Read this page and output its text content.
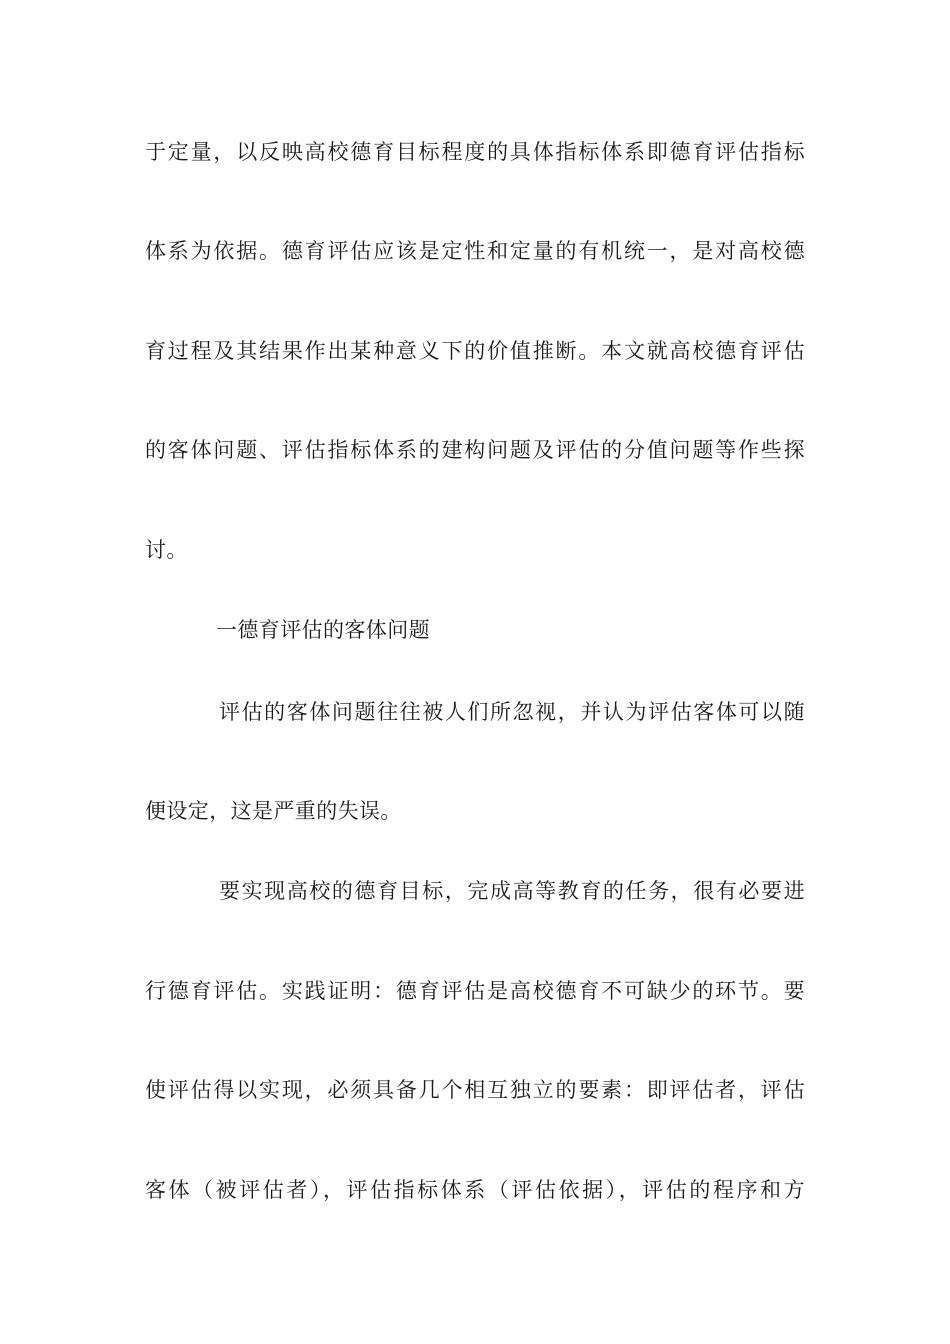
于定量，以反映高校德育目标程度的具体指标体系即德育评估指标
体系为依据。德育评估应该是定性和定量的有机统一，是对高校德
育过程及其结果作出某种意义下的价值推断。本文就高校德育评估
的客体问题、评估指标体系的建构问题及评估的分值问题等作些探
讨。
一德育评估的客体问题
评估的客体问题往往被人们所忽视，并认为评估客体可以随
便设定，这是严重的失误。
要实现高校的德育目标，完成高等教育的任务，很有必要进
行德育评估。实践证明：德育评估是高校德育不可缺少的环节。要
使评估得以实现，必须具备几个相互独立的要素：即评估者，评估
客体（被评估者），评估指标体系（评估依据），评估的程序和方
